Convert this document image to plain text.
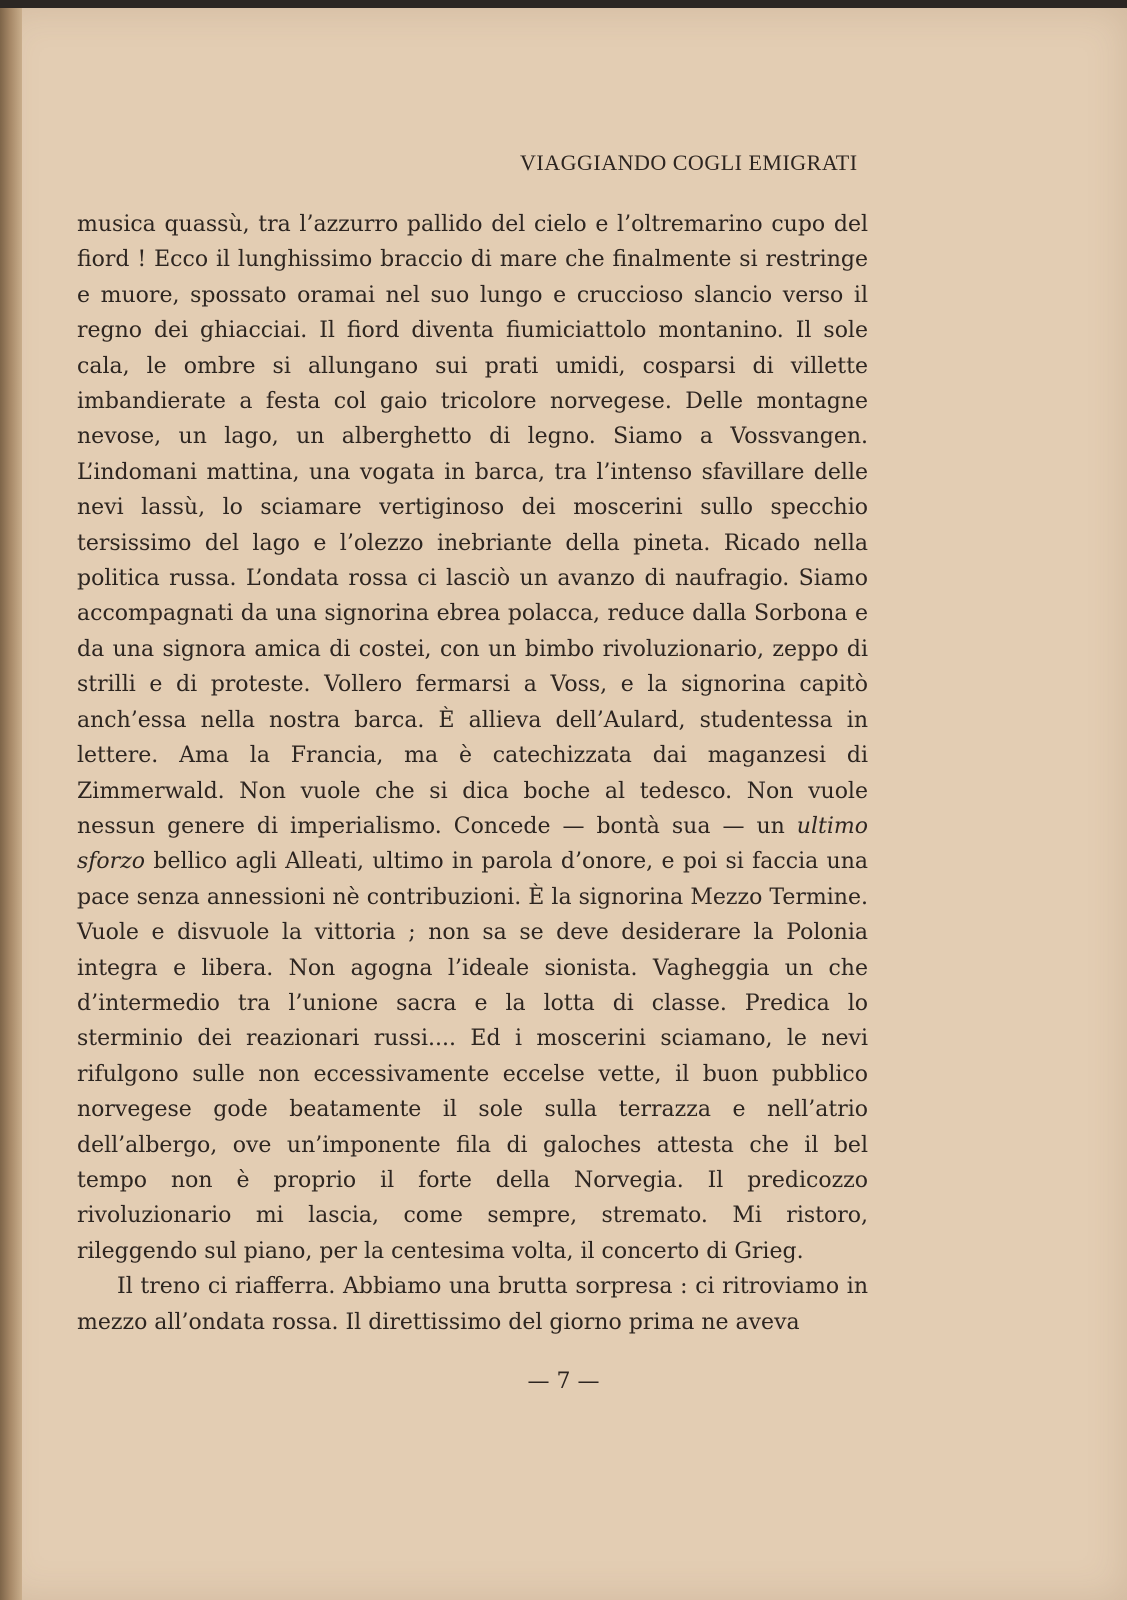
VIAGGIANDO COGLI EMIGRATI

musica quassù, tra l’azzurro pallido del cielo e l’oltremarino cupo del fiord ! Ecco il lunghissimo braccio di mare che finalmente si restringe e muore, spossato oramai nel suo lungo e cruccioso slancio verso il regno dei ghiacciai. Il fiord diventa fiumiciattolo montanino. Il sole cala, le ombre si allungano sui prati umidi, cosparsi di villette imbandierate a festa col gaio tricolore norvegese. Delle montagne nevose, un lago, un alberghetto di legno. Siamo a Vossvangen. L’indomani mattina, una vogata in barca, tra l’intenso sfavillare delle nevi lassù, lo sciamare vertiginoso dei moscerini sullo specchio tersissimo del lago e l’olezzo inebriante della pineta. Ricado nella politica russa. L’ondata rossa ci lasciò un avanzo di naufragio. Siamo accompagnati da una signorina ebrea polacca, reduce dalla Sorbona e da una signora amica di costei, con un bimbo rivoluzionario, zeppo di strilli e di proteste. Vollero fermarsi a Voss, e la signorina capitò anch’essa nella nostra barca. È allieva dell’Aulard, studentessa in lettere. Ama la Francia, ma è catechizzata dai maganzesi di Zimmerwald. Non vuole che si dica boche al tedesco. Non vuole nessun genere di imperialismo. Concede — bontà sua — un ultimo sforzo bellico agli Alleati, ultimo in parola d’onore, e poi si faccia una pace senza annessioni nè contribuzioni. È la signorina Mezzo Termine. Vuole e disvuole la vittoria ; non sa se deve desiderare la Polonia integra e libera. Non agogna l’ideale sionista. Vagheggia un che d’intermedio tra l’unione sacra e la lotta di classe. Predica lo sterminio dei reazionari russi.... Ed i moscerini sciamano, le nevi rifulgono sulle non eccessivamente eccelse vette, il buon pubblico norvegese gode beatamente il sole sulla terrazza e nell’atrio dell’albergo, ove un’imponente fila di galoches attesta che il bel tempo non è proprio il forte della Norvegia. Il predicozzo rivoluzionario mi lascia, come sempre, stremato. Mi ristoro, rileggendo sul piano, per la centesima volta, il concerto di Grieg.

Il treno ci riafferra. Abbiamo una brutta sorpresa : ci ritroviamo in mezzo all’ondata rossa. Il direttissimo del giorno prima ne aveva

— 7 —
